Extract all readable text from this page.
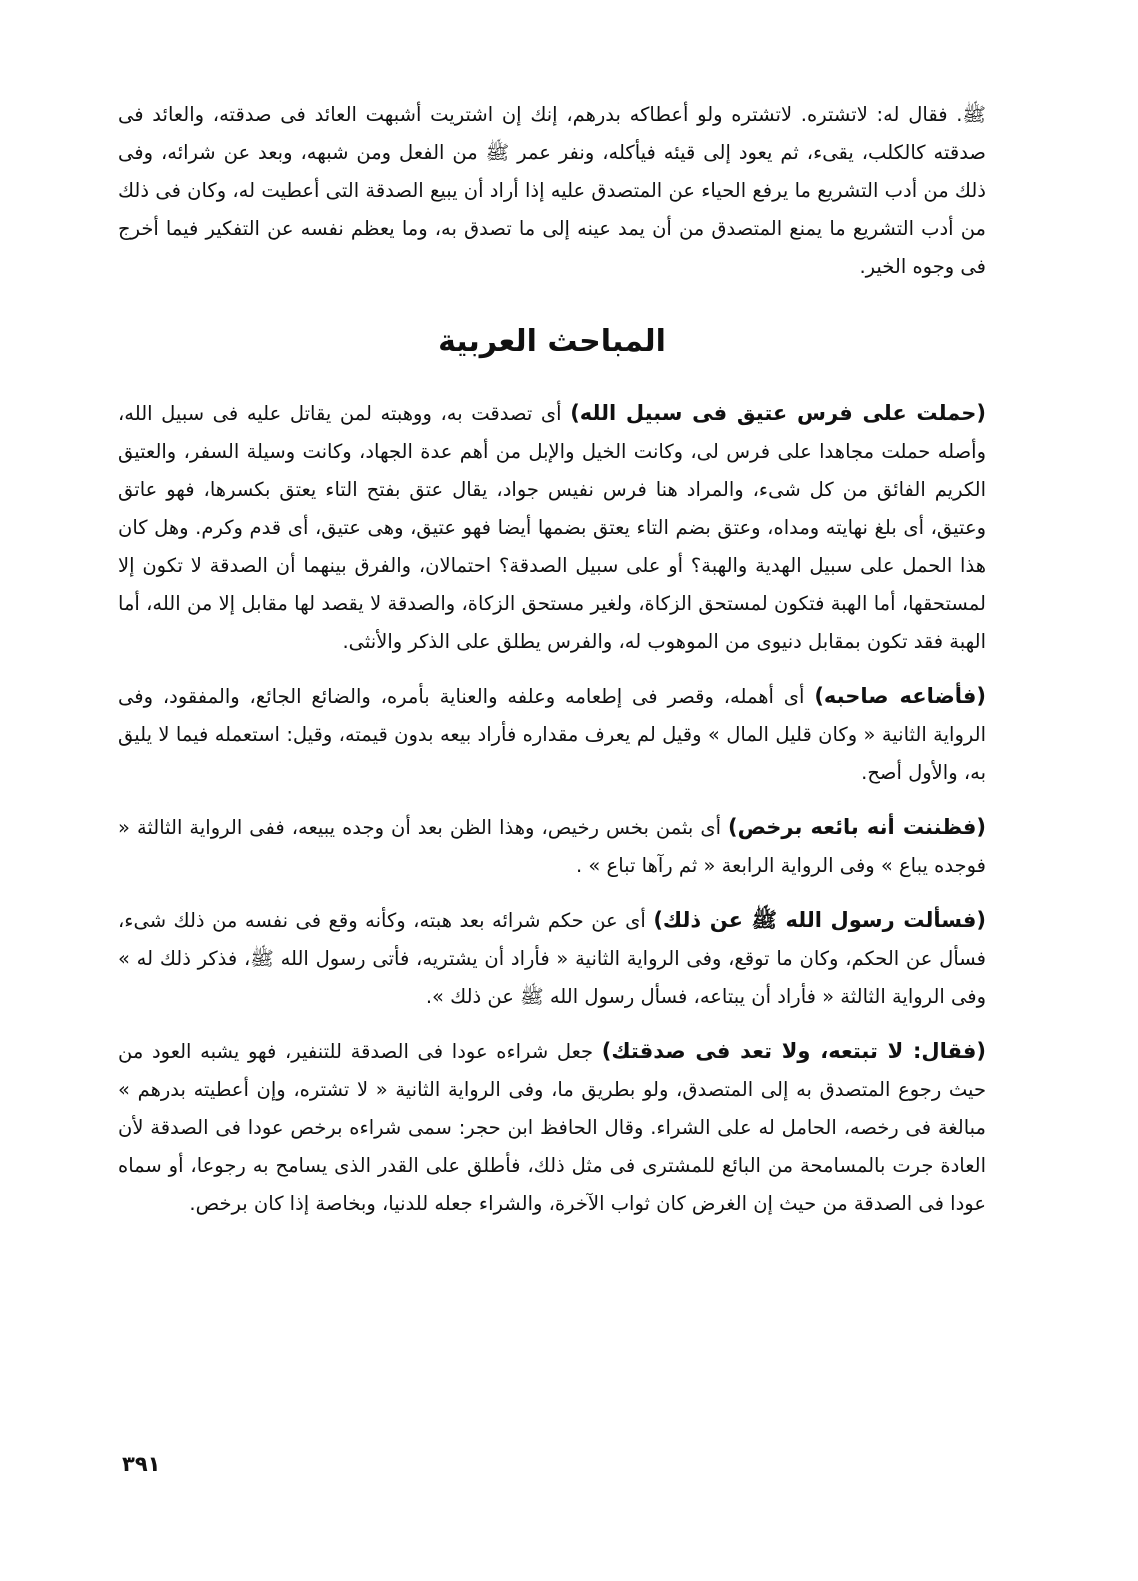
ﷺ. فقال له: لاتشتره. لاتشتره ولو أعطاكه بدرهم، إنك إن اشتريت أشبهت العائد فى صدقته، والعائد فى صدقته كالكلب، يقىء، ثم يعود إلى قيئه فيأكله، ونفر عمر ﷺ من الفعل ومن شبهه، وبعد عن شرائه، وفى ذلك من أدب التشريع ما يرفع الحياء عن المتصدق عليه إذا أراد أن يبيع الصدقة التى أعطيت له، وكان فى ذلك من أدب التشريع ما يمنع المتصدق من أن يمد عينه إلى ما تصدق به، وما يعظم نفسه عن التفكير فيما أخرج فى وجوه الخير.

المباحث العربية

(حملت على فرس عتيق فى سبيل الله) أى تصدقت به، ووهبته لمن يقاتل عليه فى سبيل الله، وأصله حملت مجاهدا على فرس لى، وكانت الخيل والإبل من أهم عدة الجهاد، وكانت وسيلة السفر، والعتيق الكريم الفائق من كل شىء، والمراد هنا فرس نفيس جواد، يقال عتق بفتح التاء يعتق بكسرها، فهو عاتق وعتيق، أى بلغ نهايته ومداه، وعتق بضم التاء يعتق بضمها أيضا فهو عتيق، وهى عتيق، أى قدم وكرم. وهل كان هذا الحمل على سبيل الهدية والهبة؟ أو على سبيل الصدقة؟ احتمالان، والفرق بينهما أن الصدقة لا تكون إلا لمستحقها، أما الهبة فتكون لمستحق الزكاة، ولغير مستحق الزكاة، والصدقة لا يقصد لها مقابل إلا من الله، أما الهبة فقد تكون بمقابل دنيوى من الموهوب له، والفرس يطلق على الذكر والأنثى.

(فأضاعه صاحبه) أى أهمله، وقصر فى إطعامه وعلفه والعناية بأمره، والضائع الجائع، والمفقود، وفى الرواية الثانية « وكان قليل المال » وقيل لم يعرف مقداره فأراد بيعه بدون قيمته، وقيل: استعمله فيما لا يليق به، والأول أصح.

(فظننت أنه بائعه برخص) أى بثمن بخس رخيص، وهذا الظن بعد أن وجده يبيعه، ففى الرواية الثالثة « فوجده يباع » وفى الرواية الرابعة « ثم رآها تباع » .

(فسألت رسول الله ﷺ عن ذلك) أى عن حكم شرائه بعد هبته، وكأنه وقع فى نفسه من ذلك شىء، فسأل عن الحكم، وكان ما توقع، وفى الرواية الثانية « فأراد أن يشتريه، فأتى رسول الله ﷺ، فذكر ذلك له » وفى الرواية الثالثة « فأراد أن يبتاعه، فسأل رسول الله ﷺ عن ذلك ».

(فقال: لا تبتعه، ولا تعد فى صدقتك) جعل شراءه عودا فى الصدقة للتنفير، فهو يشبه العود من حيث رجوع المتصدق به إلى المتصدق، ولو بطريق ما، وفى الرواية الثانية « لا تشتره، وإن أعطيته بدرهم » مبالغة فى رخصه، الحامل له على الشراء. وقال الحافظ ابن حجر: سمى شراءه برخص عودا فى الصدقة لأن العادة جرت بالمسامحة من البائع للمشترى فى مثل ذلك، فأطلق على القدر الذى يسامح به رجوعا، أو سماه عودا فى الصدقة من حيث إن الغرض كان ثواب الآخرة، والشراء جعله للدنيا، وبخاصة إذا كان برخص.

٣٩١
